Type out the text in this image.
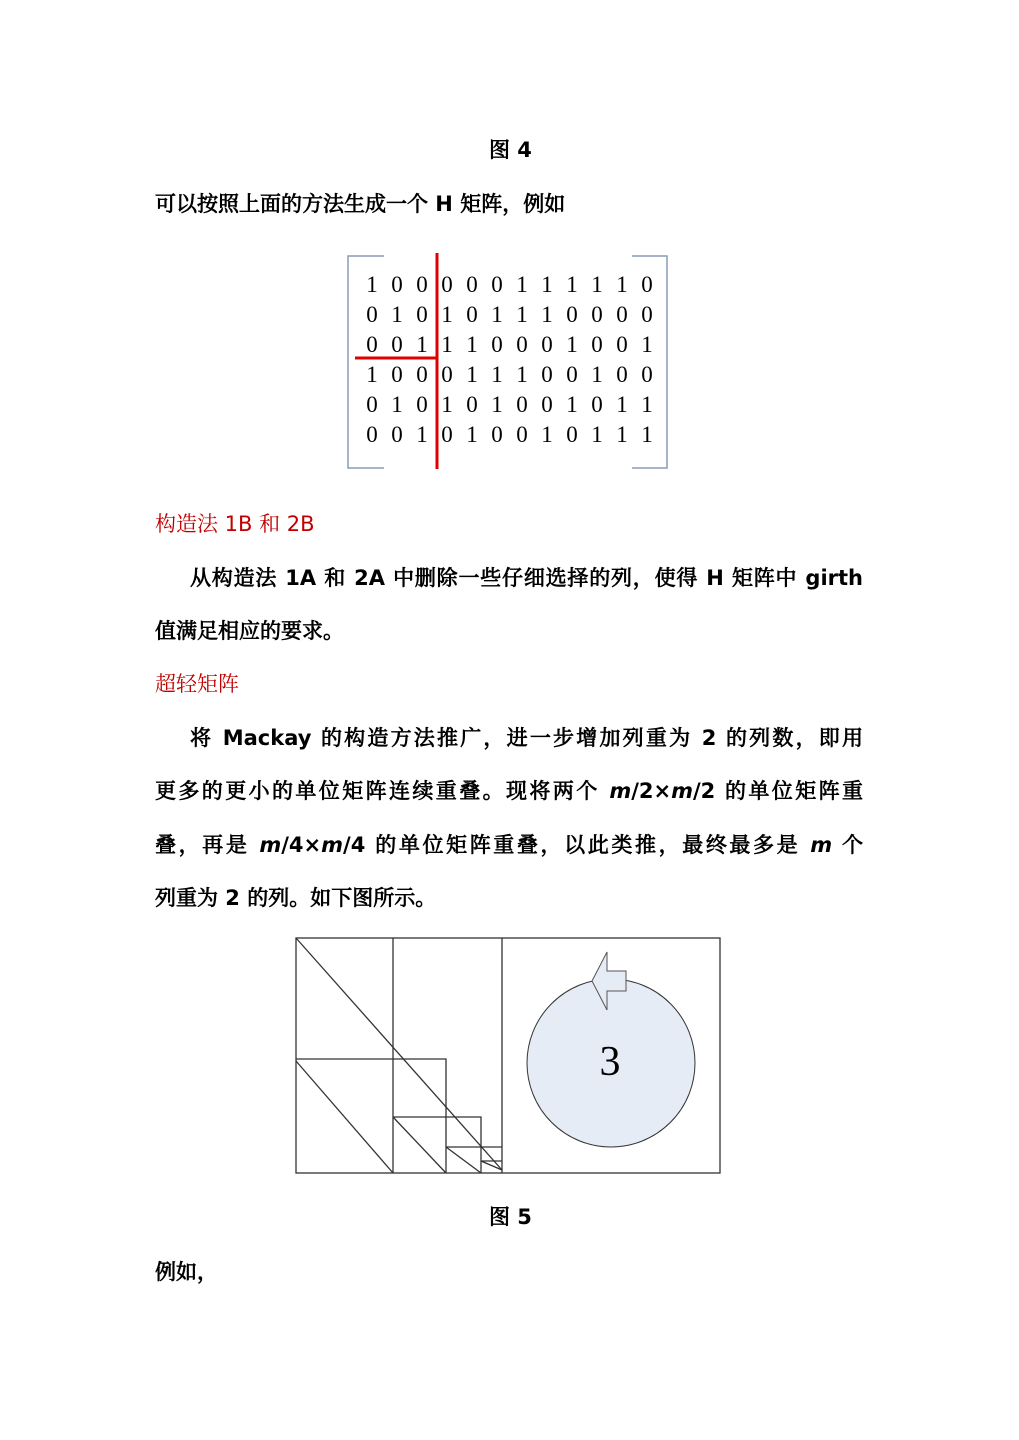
图 4
可以按照上面的方法生成一个 H 矩阵，例如
1 0 0 0 0 0 1 1 1 1 1 0
0 1 0 1 0 1 1 1 0 0 0 0
0 0 1 1 1 0 0 0 1 0 0 1
1 0 0 0 1 1 1 0 0 1 0 0
0 1 0 1 0 1 0 0 1 0 1 1
0 0 1 0 1 0 0 1 0 1 1 1
构造法 1B 和 2B
从构造法 1A 和 2A 中删除一些仔细选择的列，使得 H 矩阵中 girth
值满足相应的要求。
超轻矩阵
将 Mackay 的构造方法推广，进一步增加列重为 2 的列数，即用
更多的更小的单位矩阵连续重叠。现将两个 m/2×m/2 的单位矩阵重
叠，再是 m/4×m/4 的单位矩阵重叠，以此类推，最终最多是 m 个
列重为 2 的列。如下图所示。
3
图 5
例如，
